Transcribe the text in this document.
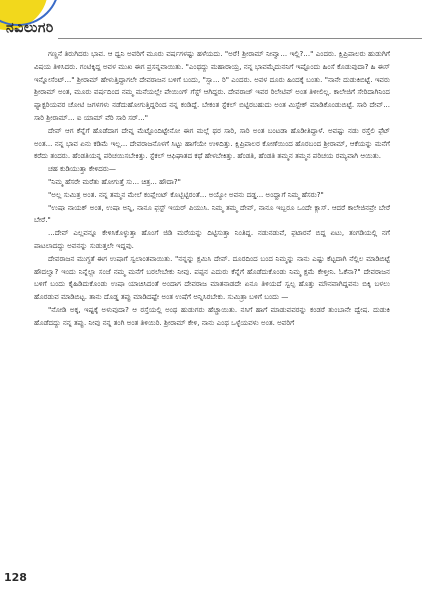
ನವಿಲುಗರಿ

ಗಣ್ಣನೆ ತಿರುಗಿದರು ಭಾವ. ಆ ಧ್ವನಿ ಅವರಿಗೆ ಮೂರು ವರ್ಷಗಳಷ್ಟು ಹಳೆಯದು. "ಅರೆ! ಶ್ರೀರಾಮ್ ನೀವ್ವಾ... ಇಲ್ಲಿ?..." ಎಂದರು. ಕ್ಷಿಪ್ರಿಪಾಲರು ಹುಡುಗಿಗೆ ವಿಷಯ ತಿಳಿಸಿದರು. ಗಂಟಿಕ್ಕಿದ್ದ ಅವಳ ಮುಖ ಈಗ ಪ್ರಸನ್ನವಾಯಿತು. "ಎಂಥದ್ದು ಮಹಾರಾಯ್ರ, ನನ್ನ ಭಾವಮೈದುನನಿಗೆ ಇಷ್ಟೊಂದು ಹಿಂಸೆ ಕೊಡುವುದಾ? ಹಿ ಈಸ್ ಇನ್ನೋಸೆಂಟ್..." ಶ್ರೀರಾಮ್ ಹೇಳುತ್ತಿದ್ದಾಗಲೇ ದೇವರಾಜನ ಬಳಿಗೆ ಬಂದು, "ಸ್ಸಾ... ರಿ" ಎಂದರು. ಅವಳ ದೂರು ಹಿಂದಕ್ಕೆ ಬಂತು. "ನಾನೇ ದುಡುಕಿಬಿಟ್ಟೆ. ಇವರು ಶ್ರೀರಾಮ್ ಅಂತ, ಮೂರು ವರ್ಷದಿಂದ ನಮ್ಮ ಮನೆಯಲ್ಲೇ ಪೇಯಿಂಗ್ ಗೆಸ್ಟ್ ಆಗಿದ್ದರು. ದೇವರಾಜ್ ಇವರ ರಿಲೇಟಿವ್ ಅಂತ ತಿಳೀಲಿಲ್ಲ. ಕಾಲೇಜಿಗೆ ಸೇರಿದಾಗಿನಿಂದ ಫ್ಯಾಕ್ಟರಿಯವರ ಚೋಟಿ ಜಗಳಗಳು ನಡೆದುಹೋಗುತ್ತಿದ್ದರಿಂದ ನನ್ನ ಕಂಡಿದ್ದೆ. ಬೇಕಂತ ಸ್ಟೆಕಲ್ ಬಿಟ್ಟಿರಬಹುದು ಅಂತ ಮಿಸ್ಟೇಕ್ ಮಾಡಿಕೊಂಡುಬಿಟ್ಟೆ. ಸಾರಿ ದೇವ್... ಸಾರಿ ಶ್ರೀರಾಮ್... ಐ ಯಾಮ್ ವೆರಿ ಸಾರಿ ಸರ್..."

ದೇವ್ ಆಗ ಕೆನ್ನೆಗೆ ಹೊಡೆದಾಗ ದೇವ್ನ ಮೆಟ್ಟೊಂದಿಟ್ಟೇನೋ ಈಗ ಮಲ್ಲೆ ಥರ ಸಾರಿ, ಸಾರಿ ಅಂತ ಬಂಟಡಾ ಹೊಡೀತಿದ್ದಾಳೆ. ಅವಷ್ಟು ನಡು ರಸ್ತೆಲಿ ಫ಼ೆಟ್ ಅಂತ... ನನ್ನ ಭಾವ ಏನು ಕಡಿಮೆ ಇಲ್ಲ... ದೇವರಾಜನೊಳಗೆ ಸಿಟ್ಟು ಹಾಗೆಯೇ ಉಳಿದಿತ್ತು. ಕ್ಷಿಪ್ರಿಪಾಲರ ಕೋಣೆಯಿಂದ ಹೊರಬಂದ ಶ್ರೀರಾಮ್, ಆಕೆಯನ್ನು ಮನೆಗೆ ಕರೆದು ತಂದರು. ಹೆಂಡತಿಯನ್ನ ಪರಿಚಯಿಸಬೇಕಿತ್ತು. ಸ್ಟೆಕಲ್ ಆಫಿಘಾತದ ಕಥೆ ಹೇಳಬೇಕಿತ್ತು. ಹೆಂಡತಿ, ಹೆಂಡತಿ ತಮ್ಮನ ತಮ್ಮನ ಪರಿಚಯ ರಮ್ಯವಾಗಿ ಆಯಿತು.

ಚಹ ಕುಡಿಯುತ್ತಾ ಕೇಳಿದರು—

"ನಿಮ್ಮ ಹೆಸರೇ ಮರೆತು ಹೋಗುತ್ತೆ ಸು... ಚಿತ್ರ... ಹೌದಾ?"

"ಅಲ್ಲ ಸುಮಿತ್ರ ಅಂತ. ನನ್ನ ತಮ್ಮನ ಮೇಲೆ ಕಂಪ್ಲೇಂಟ್ ಕೊಟ್ಬಿಟ್ಟಿರಂತೆ... ಅಯ್ಯೋ ಅವನು ದಡ್ಡ... ಅಂದ್ಹಾಗೆ ನಿಮ್ಮ ಹೆಸರು?"

"ಉಷಾ ನಾಯಕ್ ಅಂತ, ಉಷಾ ಅನ್ನಿ, ನಾನೂ ಫ಼ಸ್ಟ್ ಇಯರ್ ಪಿಯುಸಿ. ನಿಮ್ಮ ತಮ್ಮ ದೇವ್, ನಾನೂ ಇಬ್ಬರೂ ಒಂದೇ ಕ್ಲಾಸ್. ಆದರೆ ಕಾಲೇಜಿನವ್ರೇ ಬೇರೆ ಬೇರೆ."

...ದೇವ್ ಎಲ್ಲವನ್ನೂ ಕೇಳಿಸಿಕೊಳ್ಳುತ್ತಾ ಹೊಂಗೆ ಜಿಡಿ ಮರೆಯನ್ನು ದಿಟ್ಟಿಸುತ್ತಾ ನಿಂತಿದ್ದ. ನಡುನಡುವೆ, ಫ಼ಟಾರನೆ ಬಿದ್ದ ಏಟು, ತಂಗಡಿಯಲ್ಲಿ ನಗೆ ಪಾಟಲಾದದ್ದು ಅವನನ್ನು ಸುಡುತ್ತಲೇ ಇದ್ದವು.

ದೇವರಾಜನ ಮುಗ್ಧತೆ ಈಗ ಉಷಾಗೆ ಸ್ವಲಾಂತವಾಯಿತು. "ನನ್ನನ್ನು ಕ್ಷಮಿಸಿ ದೇವ್. ದೂರದಿಂದ ಬಂದ ನಿಮ್ಮನ್ನು ನಾನು ಎಷ್ಟು ಕೆಟ್ಟದಾಗಿ ನೆಲ್ಲಿಲ ಮಾಡಿಬಿಟ್ಟೆ ಹೌದಲ್ವಾ? ಇಂದು ನಿನ್ನೆಲ್ಲಾ ಸಂಜೆ ನಮ್ಮ ಮನೆಗೆ ಬರಲೇಬೇಕು ನೀವು. ಪಪ್ಪನ ಎದುರು ಕೆನ್ನೆಗೆ ಹೊಡೆದುಕೊಂಡು ನಿಮ್ಮ ಕ್ಷಮೆ ಕೇಳ್ತೀನಿ. ಓಕೆನಾ?" ದೇವರಾಜನ ಬಳಿಗೆ ಬಂದು ಕೈಹಿಡಿದುಕೊಂಡು ಉಷಾ ಯಾಚಿಸಿದಂತೆ ಅಂದಾಗ ದೇವರಾಜ ಮಾತನಾಡದೇ ಏನೂ ತಿಳಿಯದೆ ಸ್ವಲ್ಪ ಹೊತ್ತು ಮೌನವಾಗಿದ್ದವನು ಬಿಕ್ಕಿ ಬಳಲು ಹೊರಡುವ ಮಾಡಿಬಿಟ್ಟ. ತಾನು ದೊಡ್ಡ ತಪ್ಪು ಮಾಡಿದಷ್ಟೇ ಅಂತ ಉಷೆಗೆ ಅನ್ನಿಸಿರಬೇಕು. ಸುಮಿತ್ರಾ ಬಳಿಗೆ ಬಂದು —

"ನೋಡಿ ಅಕ್ಕ, ಇಷ್ಟಕ್ಕೆ ಅಳುವುದಾ? ಆ ರಸ್ತೆಯಲ್ಲಿ ಅಂಥ ಹುಡುಗರು ಹೆಚ್ಚಾಯಿತು. ನಸಿಗೆ ಹಾಗೆ ಮಾಡುವವರನ್ನು ಕಂಡರೆ ತುಂಬಾನೇ ದ್ವೇಷ. ದುಡುಕಿ ಹೊಡೆದದ್ದು ನನ್ನ ತಪ್ಪು. ನೀವು ನನ್ನ ತಂಗಿ ಅಂತ ತಿಳಿಯಿರಿ. ಶ್ರೀರಾಮ್ ಕೇಳಿ, ನಾನು ಎಂಥ ಒಳ್ಳೆಯವಳು ಅಂತ. ಅವರಿಗೆ

128
